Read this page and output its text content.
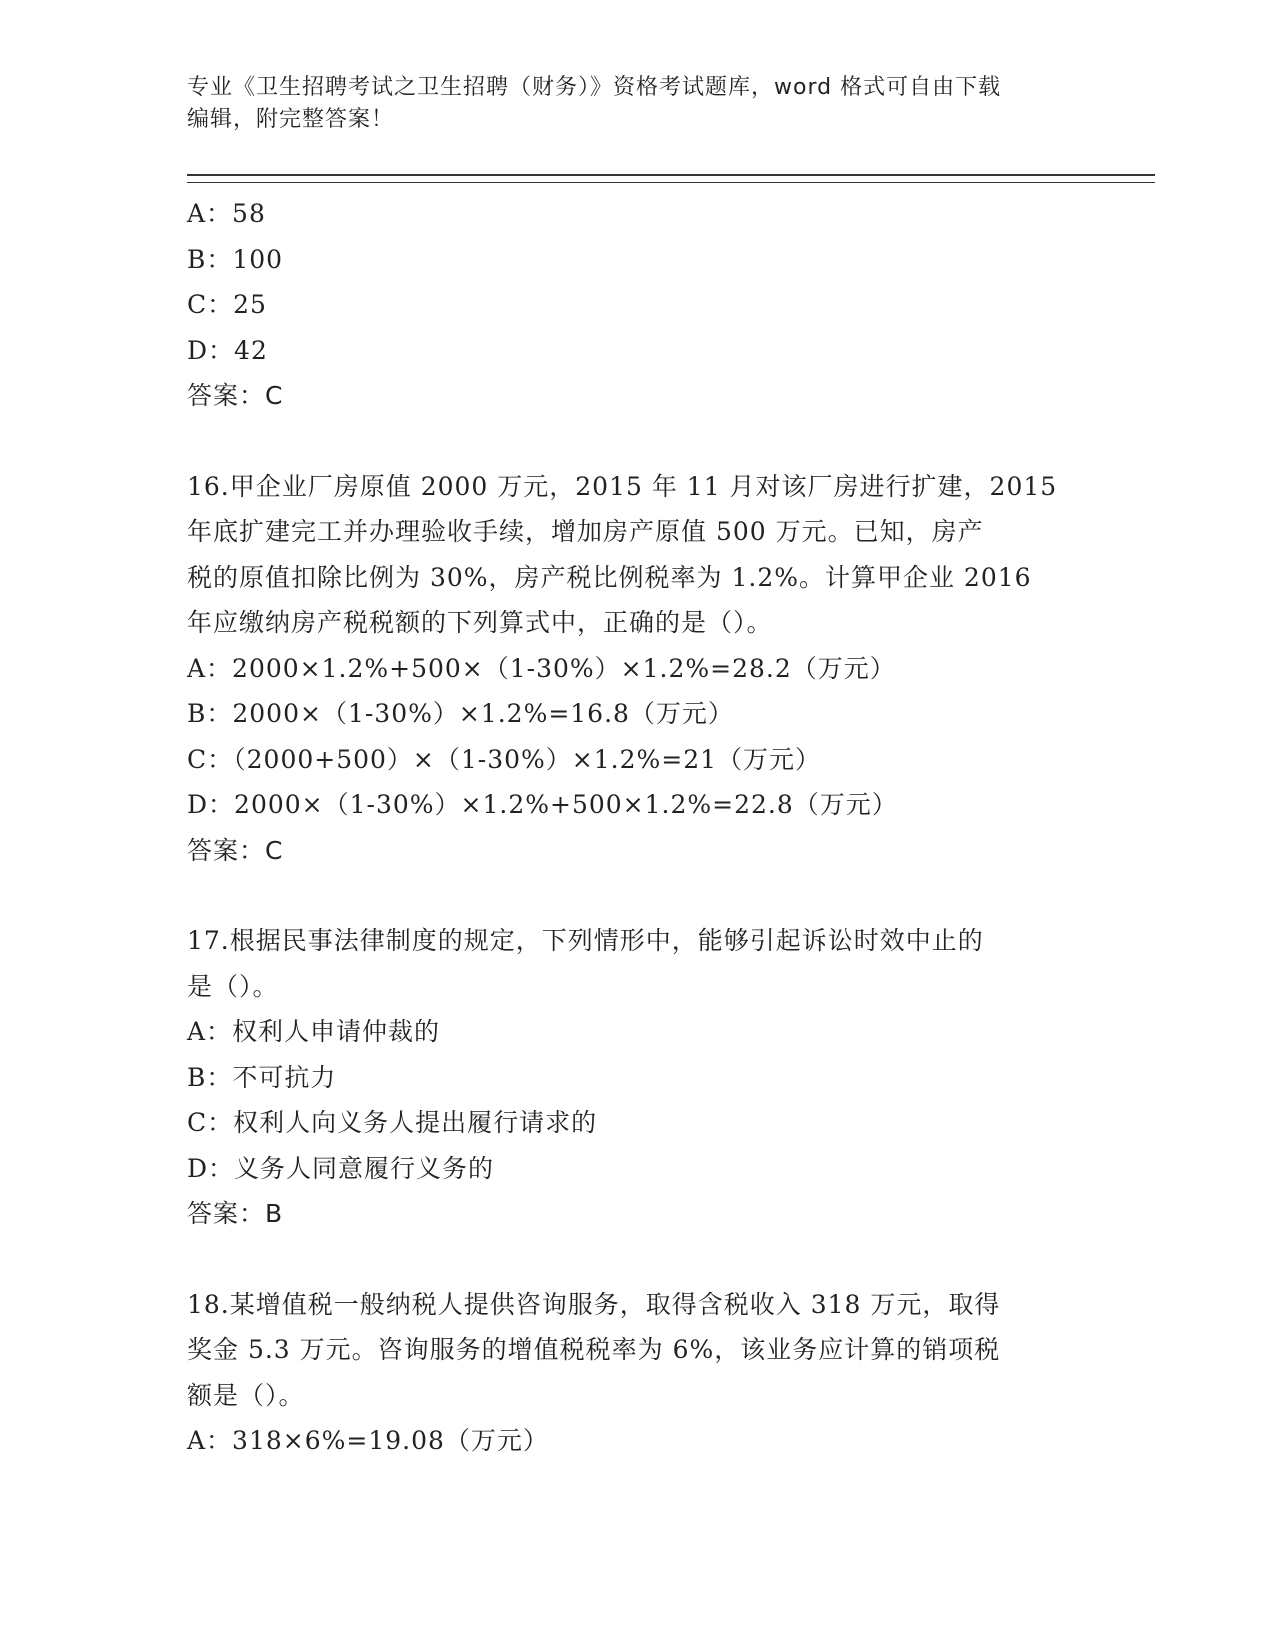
专业《卫生招聘考试之卫生招聘（财务）》资格考试题库，word 格式可自由下载
编辑，附完整答案！
A：58
B：100
C：25
D：42
答案：C
16.甲企业厂房原值 2000 万元，2015 年 11 月对该厂房进行扩建，2015
年底扩建完工并办理验收手续，增加房产原值 500 万元。已知，房产
税的原值扣除比例为 30%，房产税比例税率为 1.2%。计算甲企业 2016
年应缴纳房产税税额的下列算式中，正确的是（）。
A：2000×1.2%+500×（1-30%）×1.2%=28.2（万元）
B：2000×（1-30%）×1.2%=16.8（万元）
C：（2000+500）×（1-30%）×1.2%=21（万元）
D：2000×（1-30%）×1.2%+500×1.2%=22.8（万元）
答案：C
17.根据民事法律制度的规定，下列情形中，能够引起诉讼时效中止的
是（）。
A：权利人申请仲裁的
B：不可抗力
C：权利人向义务人提出履行请求的
D：义务人同意履行义务的
答案：B
18.某增值税一般纳税人提供咨询服务，取得含税收入 318 万元，取得
奖金 5.3 万元。咨询服务的增值税税率为 6%，该业务应计算的销项税
额是（）。
A：318×6%=19.08（万元）
